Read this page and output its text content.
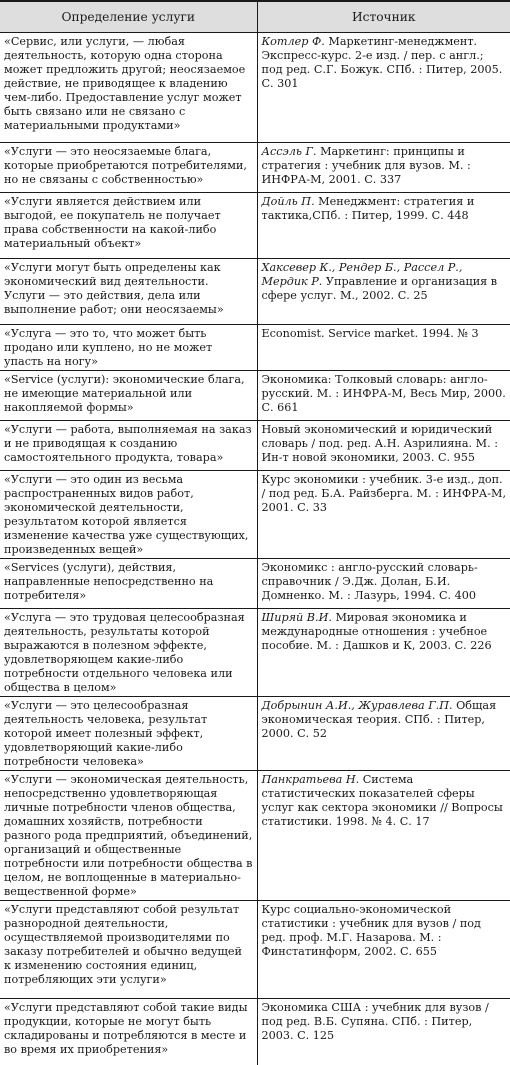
Определение услуги	Источник
«Сервис, или услуги, — любая деятельность, которую одна сторона может предложить другой; неосязаемое действие, не приводящее к владению чем-либо. Предоставление услуг может быть связано или не связано с материальными продуктами»	Котлер Ф. Маркетинг-менеджмент. Экспресс-курс. 2-е изд. / пер. с англ.; под ред. С.Г. Божук. СПб. : Питер, 2005. С. 301
«Услуги — это неосязаемые блага, которые приобретаются потребителями, но не связаны с собственностью»	Ассэль Г. Маркетинг: принципы и стратегия : учебник для вузов. М. : ИНФРА-М, 2001. С. 337
«Услуги является действием или выгодой, ее покупатель не получает права собственности на какой-либо материальный объект»	Дойль П. Менеджмент: стратегия и тактика,СПб. : Питер, 1999. С. 448
«Услуги могут быть определены как экономический вид деятельности. Услуги — это действия, дела или выполнение работ; они неосязаемы»	Хаксевер К., Рендер Б., Рассел Р., Мердик Р. Управление и организация в сфере услуг. М., 2002. С. 25
«Услуга — это то, что может быть продано или куплено, но не может упасть на ногу»	Economist. Service market. 1994. № 3
«Service (услуги): экономические блага, не имеющие материальной или накопляемой формы»	Экономика: Толковый словарь: англо-русский. М. : ИНФРА-М, Весь Мир, 2000. С. 661
«Услуги — работа, выполняемая на заказ и не приводящая к созданию самостоятельного продукта, товара»	Новый экономический и юридический словарь / под. ред. А.Н. Азрилияна. М. : Ин-т новой экономики, 2003. С. 955
«Услуги — это один из весьма распространенных видов работ, экономической деятельности, результатом которой является изменение качества уже существующих, произведенных вещей»	Курс экономики : учебник. 3-е изд., доп. / под ред. Б.А. Райзберга. М. : ИНФРА-М, 2001. С. 33
«Services (услуги), действия, направленные непосредственно на потребителя»	Экономикс : англо-русский словарь-справочник / Э.Дж. Долан, Б.И. Домненко. М. : Лазурь, 1994. С. 400
«Услуга — это трудовая целесообразная деятельность, результаты которой выражаются в полезном эффекте, удовлетворяющем какие-либо потребности отдельного человека или общества в целом»	Ширяй В.И. Мировая экономика и международные отношения : учебное пособие. М. : Дашков и К, 2003. С. 226
«Услуги — это целесообразная деятельность человека, результат которой имеет полезный эффект, удовлетворяющий какие-либо потребности человека»	Добрынин А.И., Журавлева Г.П. Общая экономическая теория. СПб. : Питер, 2000. С. 52
«Услуги — экономическая деятельность, непосредственно удовлетворяющая личные потребности членов общества, домашних хозяйств, потребности разного рода предприятий, объединений, организаций и общественные потребности или потребности общества в целом, не воплощенные в материально-вещественной форме»	Панкратьева Н. Система статистических показателей сферы услуг как сектора экономики // Вопросы статистики. 1998. № 4. С. 17
«Услуги представляют собой результат разнородной деятельности, осуществляемой производителями по заказу потребителей и обычно ведущей к изменению состояния единиц, потребляющих эти услуги»	Курс социально-экономической статистики : учебник для вузов / под ред. проф. М.Г. Назарова. М. : Финстатинформ, 2002. С. 655
«Услуги представляют собой такие виды продукции, которые не могут быть складированы и потребляются в месте и во время их приобретения»	Экономика США : учебник для вузов / под ред. В.Б. Супяна. СПб. : Питер, 2003. С. 125
